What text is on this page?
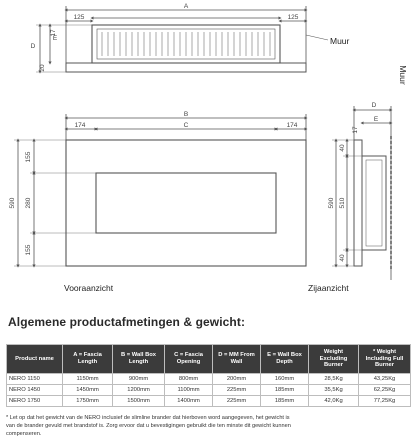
A
125	125
D
E
17
20
Muur
174	C	174
B
155
280
155
590
Vooraanzicht
Muur
D
E
17
40
510
40
590
Zijaanzicht
Algemene productafmetingen & gewicht:
Product name	A = Fascia Length	B = Wall Box Length	C = Fascia Opening	D = MM From Wall	E = Wall Box Depth	Weight Excluding Burner	* Weight Including Full Burner
NERO 1150	1150mm	900mm	800mm	200mm	160mm	28,5Kg	43,25Kg
NERO 1450	1450mm	1200mm	1100mm	225mm	185mm	35,5Kg	62,25Kg
NERO 1750	1750mm	1500mm	1400mm	225mm	185mm	42,0Kg	77,25Kg

* Let op dat het gewicht van de NERO inclusief de slimline brander dat hierboven word aangegeven, het gewicht is

van de brander gevuld met brandstof is. Zorg ervoor dat u bevestigingen gebruikt die ten minste dit gewicht kunnen

compenseren.
